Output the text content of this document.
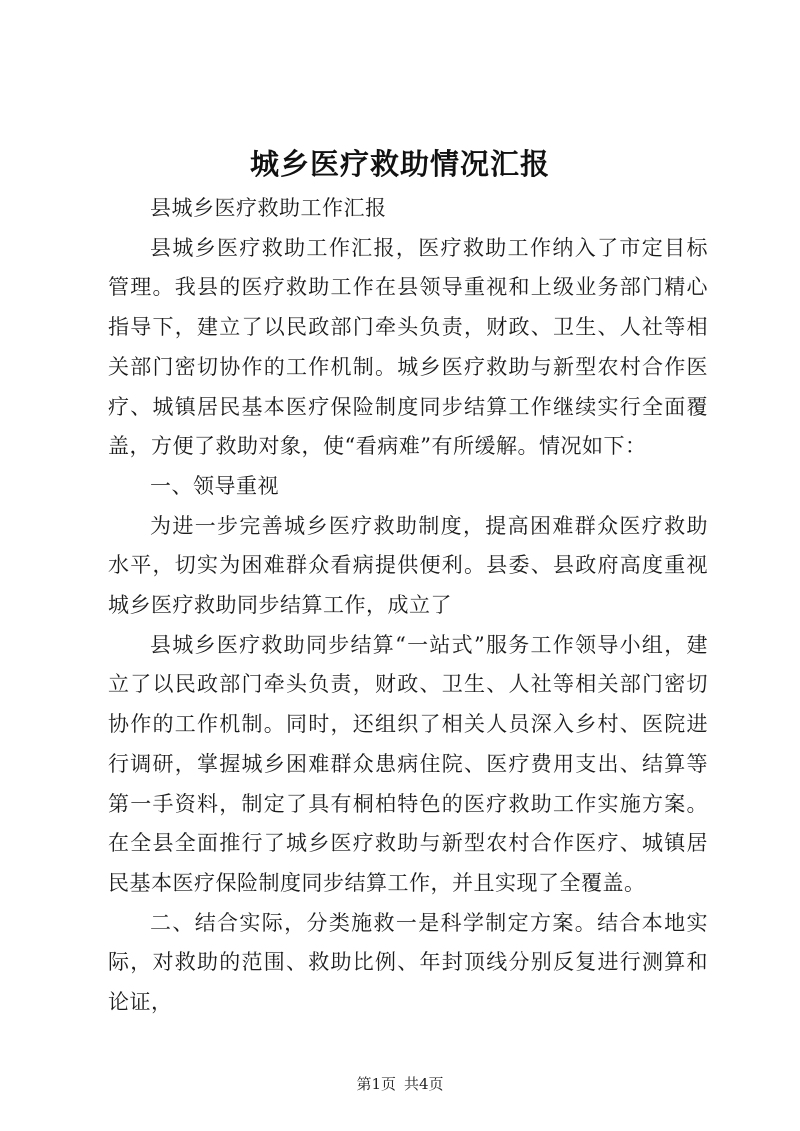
城乡医疗救助情况汇报

县城乡医疗救助工作汇报

县城乡医疗救助工作汇报，医疗救助工作纳入了市定目标管理。我县的医疗救助工作在县领导重视和上级业务部门精心指导下，建立了以民政部门牵头负责，财政、卫生、人社等相关部门密切协作的工作机制。城乡医疗救助与新型农村合作医疗、城镇居民基本医疗保险制度同步结算工作继续实行全面覆盖，方便了救助对象，使“看病难”有所缓解。情况如下：

一、领导重视

为进一步完善城乡医疗救助制度，提高困难群众医疗救助水平，切实为困难群众看病提供便利。县委、县政府高度重视城乡医疗救助同步结算工作，成立了

县城乡医疗救助同步结算“一站式”服务工作领导小组，建立了以民政部门牵头负责，财政、卫生、人社等相关部门密切协作的工作机制。同时，还组织了相关人员深入乡村、医院进行调研，掌握城乡困难群众患病住院、医疗费用支出、结算等第一手资料，制定了具有桐柏特色的医疗救助工作实施方案。在全县全面推行了城乡医疗救助与新型农村合作医疗、城镇居民基本医疗保险制度同步结算工作，并且实现了全覆盖。

二、结合实际，分类施救一是科学制定方案。结合本地实际，对救助的范围、救助比例、年封顶线分别反复进行测算和论证，

第1页 共4页
